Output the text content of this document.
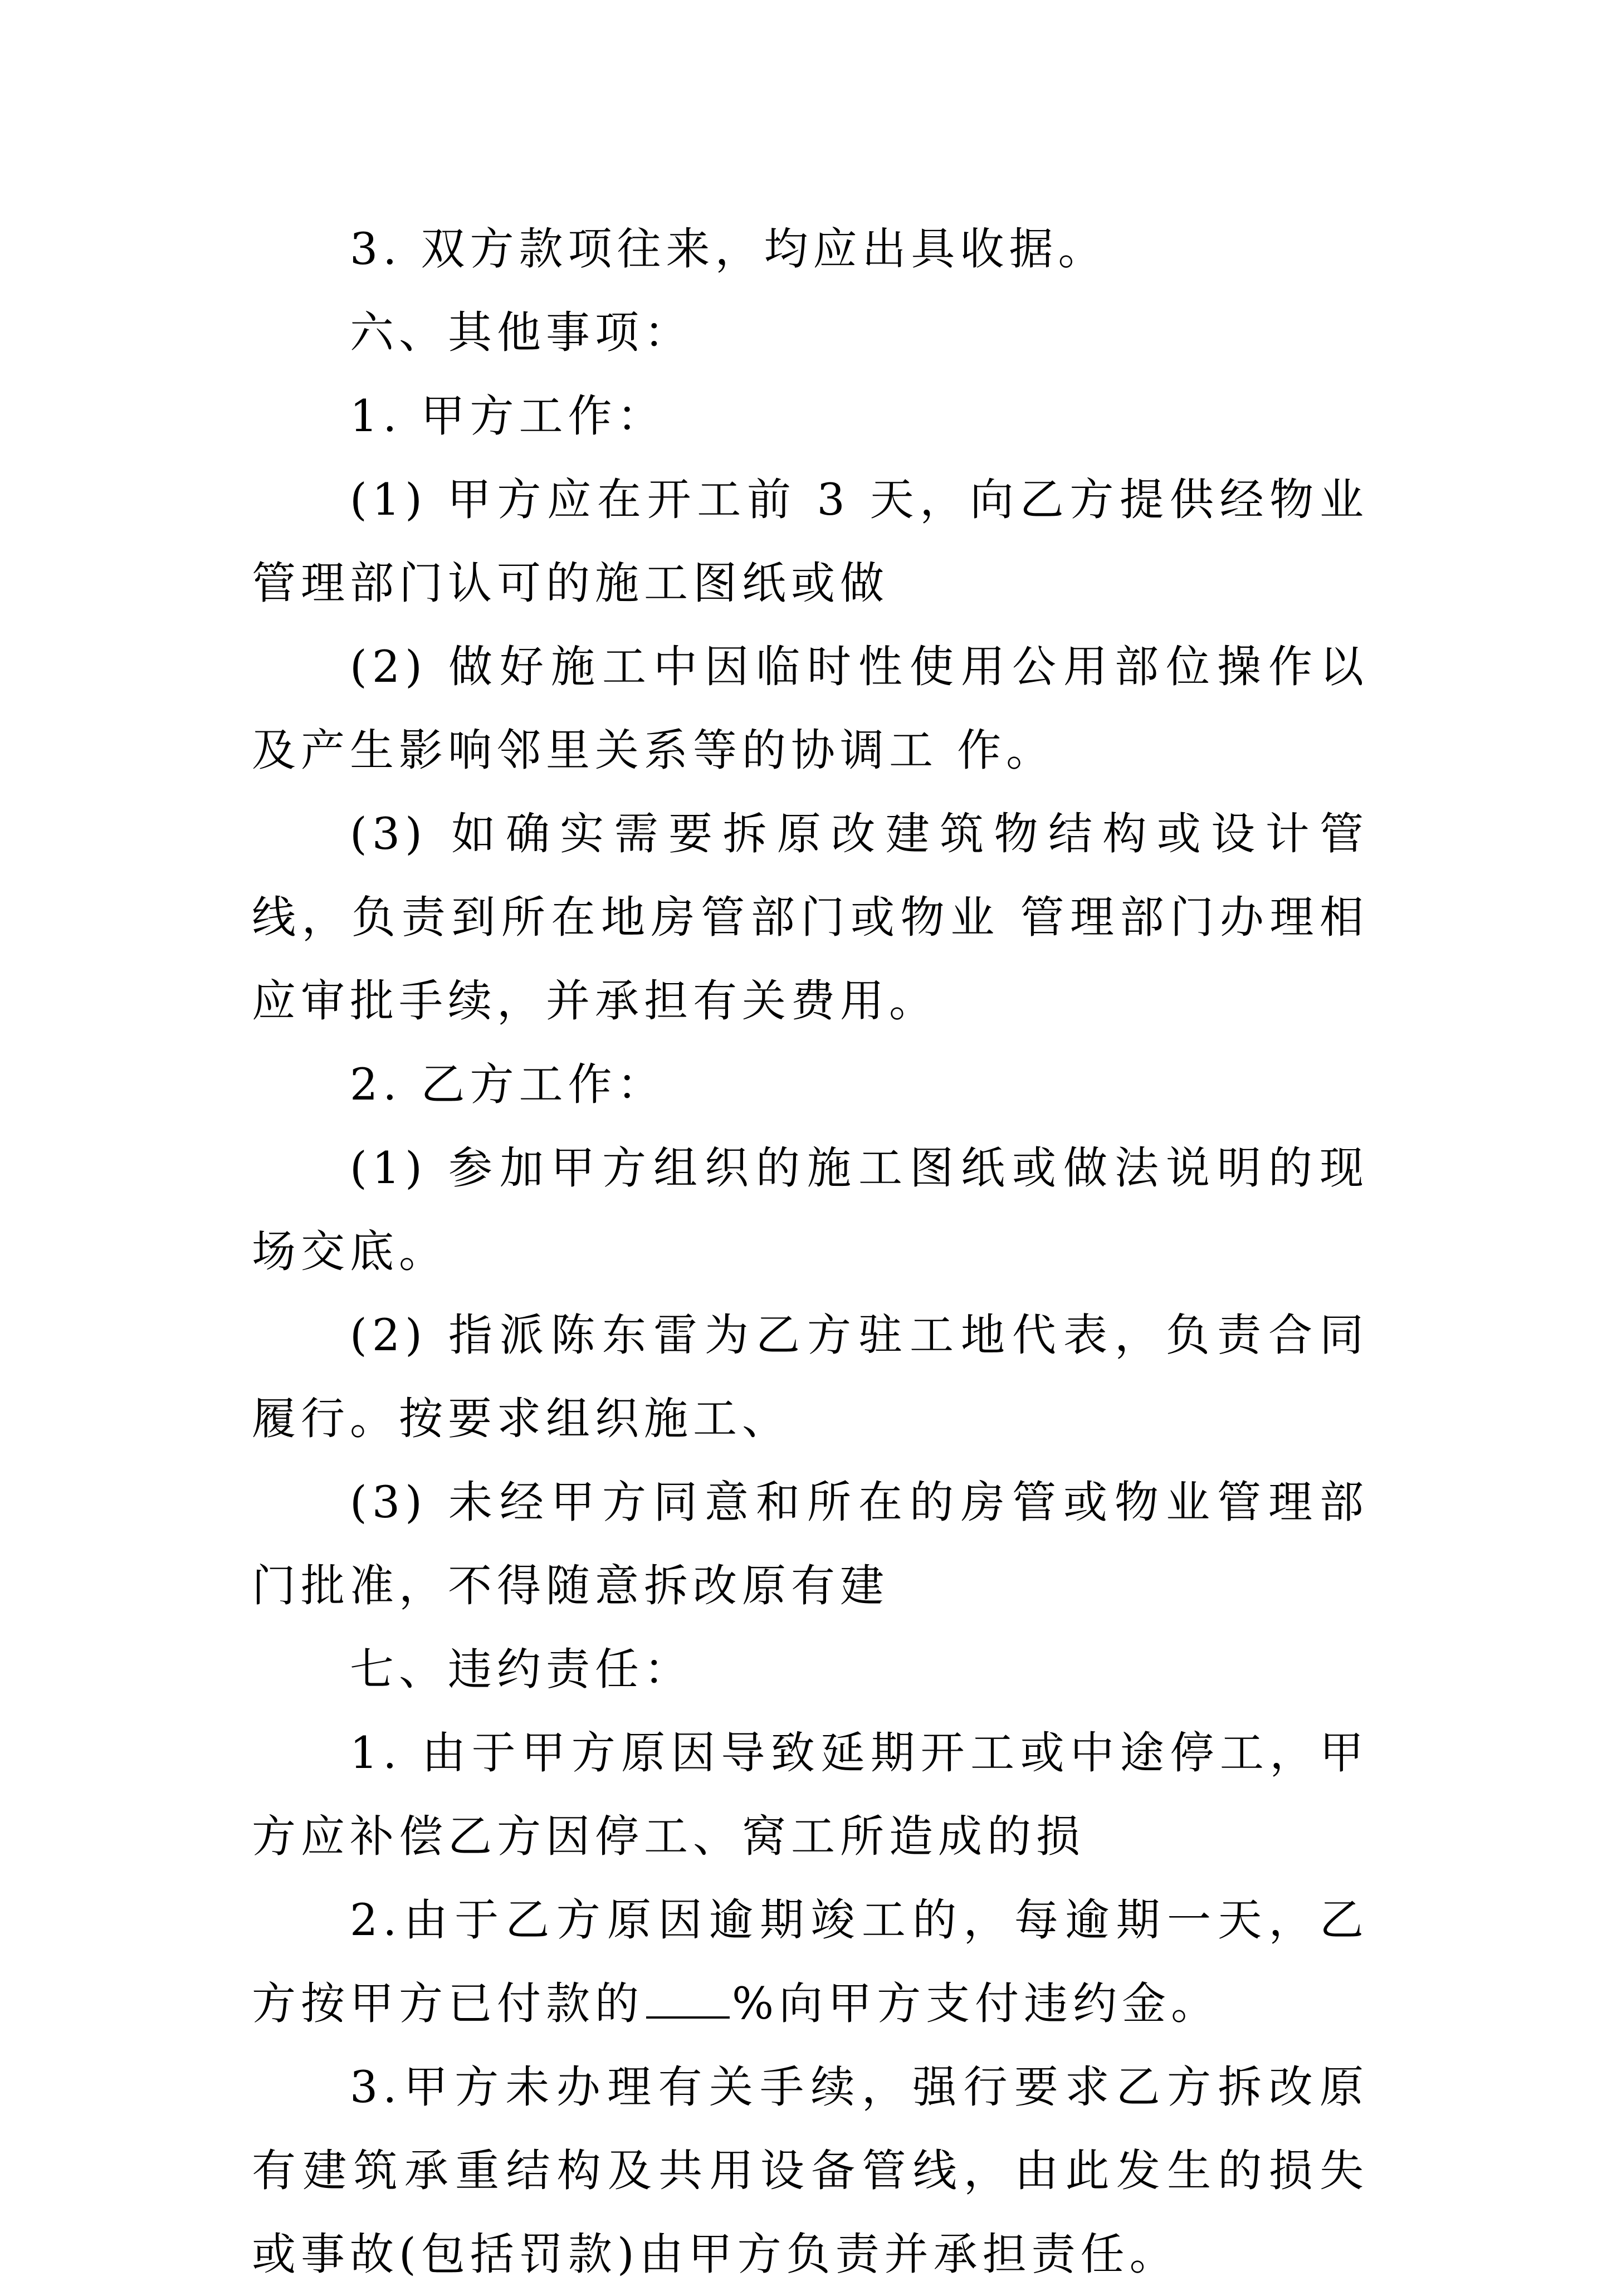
3. 双方款项往来，均应出具收据。

六、其他事项：

1. 甲方工作：

(1) 甲方应在开工前 3 天，向乙方提供经物业管理部门认可的施工图纸或做

(2) 做好施工中因临时性使用公用部位操作以及产生影响邻里关系等的协调工 作。

(3) 如确实需要拆原改建筑物结构或设计管线，负责到所在地房管部门或物业 管理部门办理相应审批手续，并承担有关费用。

2. 乙方工作：

(1) 参加甲方组织的施工图纸或做法说明的现场交底。

(2) 指派陈东雷为乙方驻工地代表，负责合同履行。按要求组织施工、

(3) 未经甲方同意和所在的房管或物业管理部门批准，不得随意拆改原有建

七、违约责任：

1. 由于甲方原因导致延期开工或中途停工，甲方应补偿乙方因停工、窝工所造成的损

2.由于乙方原因逾期竣工的，每逾期一天，乙方按甲方已付款的 %向甲方支付违约金。

3.甲方未办理有关手续，强行要求乙方拆改原有建筑承重结构及共用设备管线，由此发生的损失或事故(包括罚款)由甲方负责并承担责任。
